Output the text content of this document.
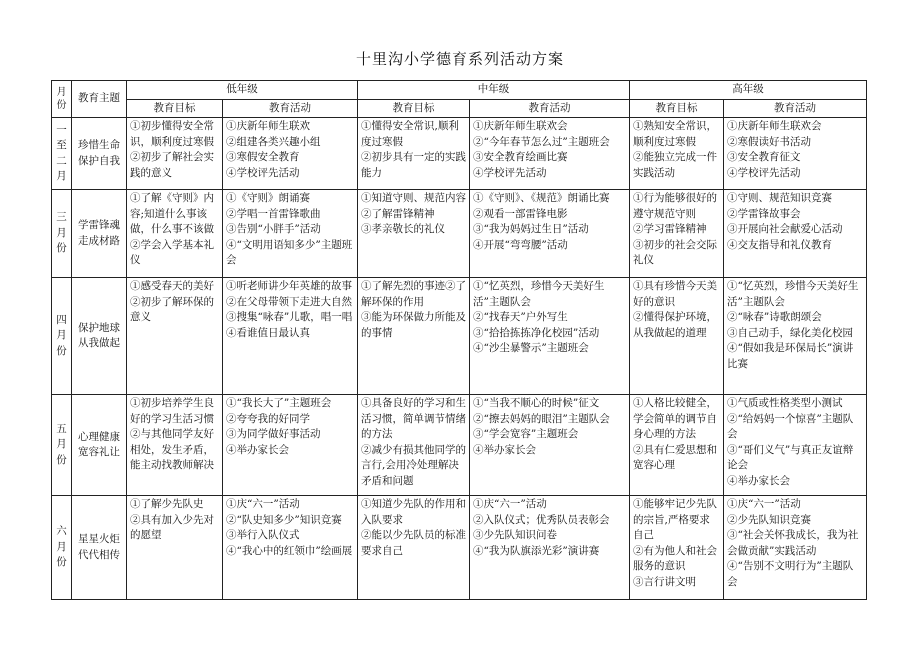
十里沟小学德育系列活动方案
月份	教育主题	低年级		中年级		高年级	
		教育目标	教育活动	教育目标	教育活动	教育目标	教育活动

一
至
二
月	珍惜生命保护自我	①初步懂得安全常识，顺利度过寒假
②初步了解社会实践的意义	①庆新年师生联欢
②组建各类兴趣小组
③寒假安全教育
④学校评先活动	①懂得安全常识,顺利度过寒假
②初步具有一定的实践能力	①庆新年师生联欢会
②“今年春节怎么过”主题班会
③安全教育绘画比赛
④学校评先活动	①熟知安全常识，顺利度过寒假
②能独立完成一件实践活动	①庆新年师生联欢会
②寒假读好书活动
③安全教育征文
④学校评先活动

三
月
份	学雷锋魂走成材路	①了解《守则》内容;知道什么事该做，什么事不该做
②学会入学基本礼仪	①《守则》朗诵赛
②学唱一首雷锋歌曲
③告别“小胖手”活动
④“文明用语知多少”主题班会	①知道守则、规范内容
②了解雷锋精神
③孝亲敬长的礼仪	①《守则》、《规范》朗诵比赛
②观看一部雷锋电影
③“我为妈妈过生日”活动
④开展“弯弯腰”活动	①行为能够很好的遵守规范守则
②学习雷锋精神
③初步的社会交际礼仪	①守则、规范知识竞赛
②学雷锋故事会
③开展向社会献爱心活动
④交友指导和礼仪教育

四
月
份	保护地球从我做起	①感受春天的美好
②初步了解环保的意义	①听老师讲少年英雄的故事
②在父母带领下走进大自然
③搜集“咏春”儿歌，唱一唱
④看谁值日最认真	①了解先烈的事迹②了解环保的作用
③能为环保做力所能及的事情	①“忆英烈，珍惜今天美好生活”主题队会
②“找春天”户外写生
③“拾拾拣拣净化校园”活动
④“沙尘暴警示”主题班会	①具有珍惜今天美好的意识
②懂得保护环境，从我做起的道理	①“忆英烈，珍惜今天美好生活”主题队会
②“咏春”诗歌朗颂会
③自己动手，绿化美化校园
④“假如我是环保局长”演讲比赛

五
月
份	心理健康宽容礼让	①初步培养学生良好的学习生活习惯
②与其他同学友好相处，发生矛盾，能主动找教师解决	①“我长大了”主题班会
②夸夸我的好同学
③为同学做好事活动
④举办家长会	①具备良好的学习和生活习惯，简单调节情绪的方法
②减少有损其他同学的言行,会用冷处理解决矛盾和问题	①“当我不顺心的时候”征文
②“擦去妈妈的眼泪”主题队会
③“学会宽容”主题班会
④举办家长会	①人格比较健全，学会简单的调节自身心理的方法
②具有仁爱思想和宽容心理	①气质或性格类型小测试
②“给妈妈一个惊喜”主题队会
③“哥们义气”与真正友谊辩论会
④举办家长会

六
月
份	星星火炬代代相传	①了解少先队史
②具有加入少先对的愿望	①庆“六一”活动
②“队史知多少”知识竞赛
③举行入队仪式
④“我心中的红领巾”绘画展	①知道少先队的作用和入队要求
②能以少先队员的标准要求自己	①庆“六一”活动
②入队仪式；优秀队员表彰会
③少先队知识问卷
④“我为队旗添光彩”演讲赛	①能够牢记少先队的宗旨,严格要求自己
②有为他人和社会服务的意识
③言行讲文明	①庆“六一”活动
②少先队知识竞赛
③“社会关怀我成长，我为社会做贡献”实践活动
④“告别不文明行为”主题队会
